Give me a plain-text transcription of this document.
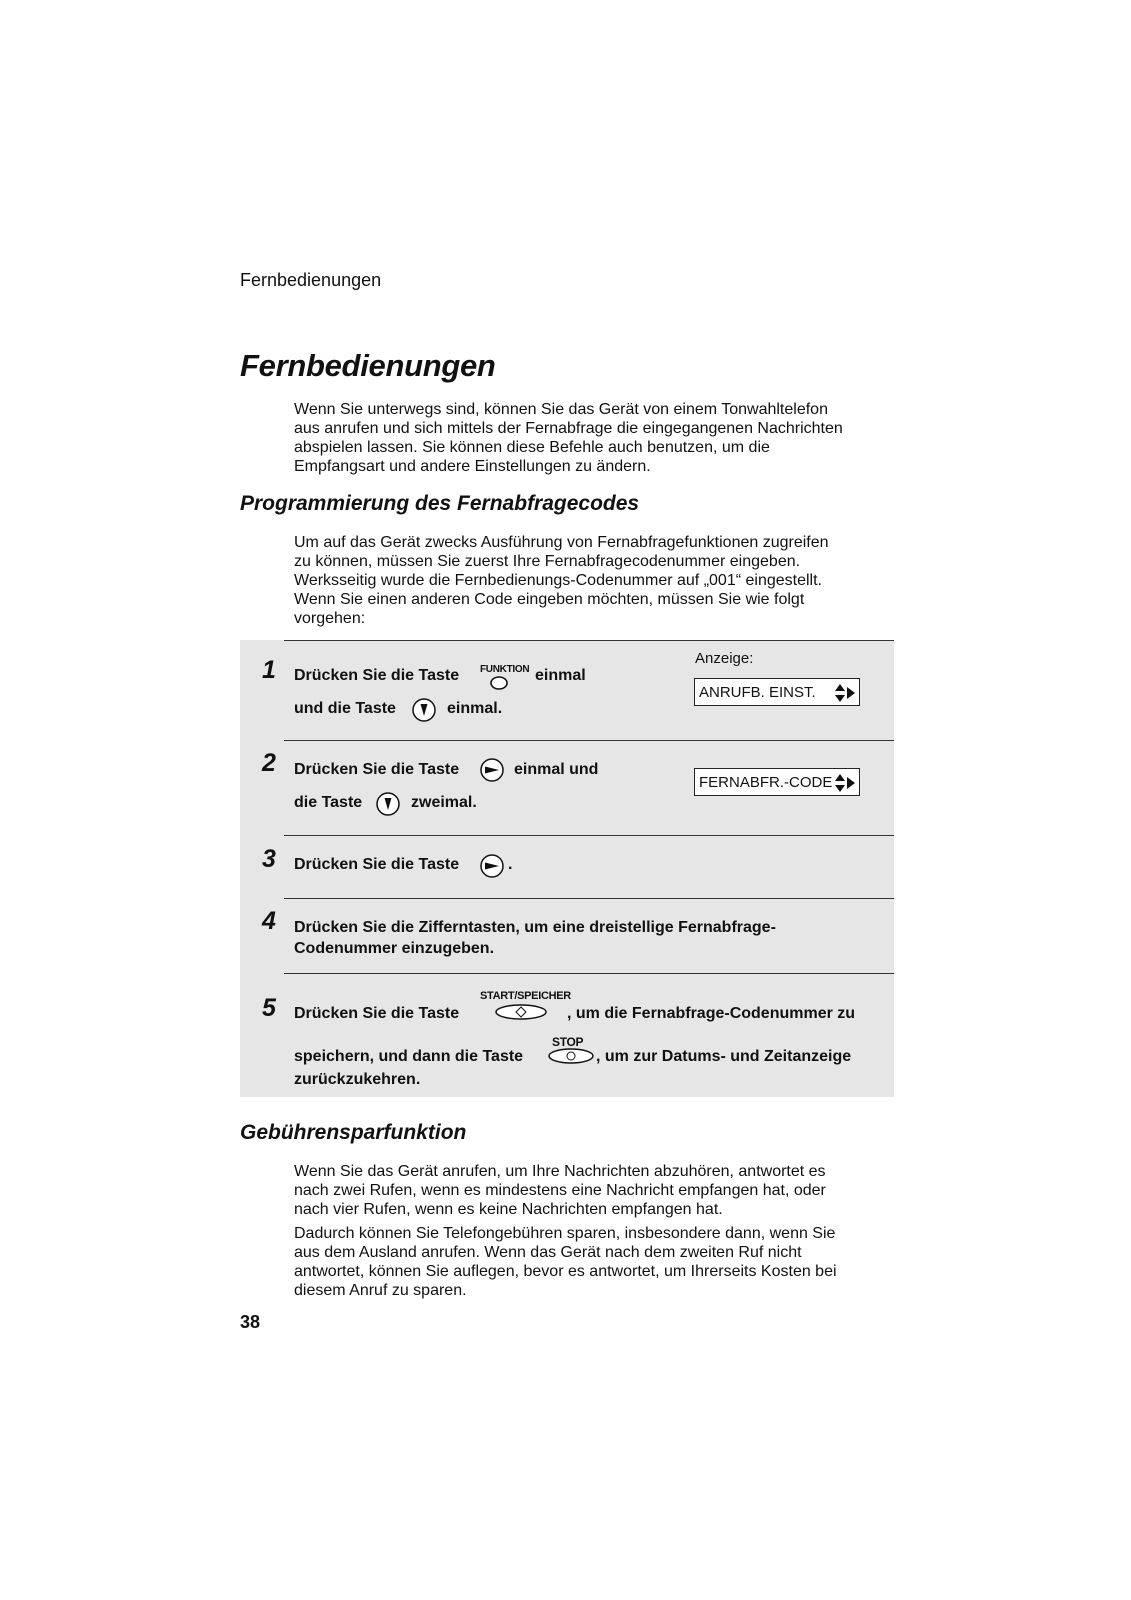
Fernbedienungen
Fernbedienungen
Wenn Sie unterwegs sind, können Sie das Gerät von einem Tonwahltelefon
aus anrufen und sich mittels der Fernabfrage die eingegangenen Nachrichten
abspielen lassen. Sie können diese Befehle auch benutzen, um die
Empfangsart und andere Einstellungen zu ändern.
Programmierung des Fernabfragecodes
Um auf das Gerät zwecks Ausführung von Fernabfragefunktionen zugreifen
zu können, müssen Sie zuerst Ihre Fernabfragecodenummer eingeben.
Werksseitig wurde die Fernbedienungs-Codenummer auf „001“ eingestellt.
Wenn Sie einen anderen Code eingeben möchten, müssen Sie wie folgt
vorgehen:
1 Drücken Sie die Taste FUNKTION einmal
und die Taste	einmal.
Anzeige:
ANRUFB. EINST.
2 Drücken Sie die Taste	einmal und
die Taste	zweimal.
FERNABFR.-CODE
3 Drücken Sie die Taste	.
4 Drücken Sie die Zifferntasten, um eine dreistellige Fernabfrage-
Codenummer einzugeben.
5 Drücken Sie die Taste
START/SPEICHER
, um die Fernabfrage-Codenummer zu
speichern, und dann die Taste
STOP
, um zur Datums- und Zeitanzeige
zurückzukehren.
Gebührensparfunktion
Wenn Sie das Gerät anrufen, um Ihre Nachrichten abzuhören, antwortet es
nach zwei Rufen, wenn es mindestens eine Nachricht empfangen hat, oder
nach vier Rufen, wenn es keine Nachrichten empfangen hat.
Dadurch können Sie Telefongebühren sparen, insbesondere dann, wenn Sie
aus dem Ausland anrufen. Wenn das Gerät nach dem zweiten Ruf nicht
antwortet, können Sie auflegen, bevor es antwortet, um Ihrerseits Kosten bei
diesem Anruf zu sparen.
38
